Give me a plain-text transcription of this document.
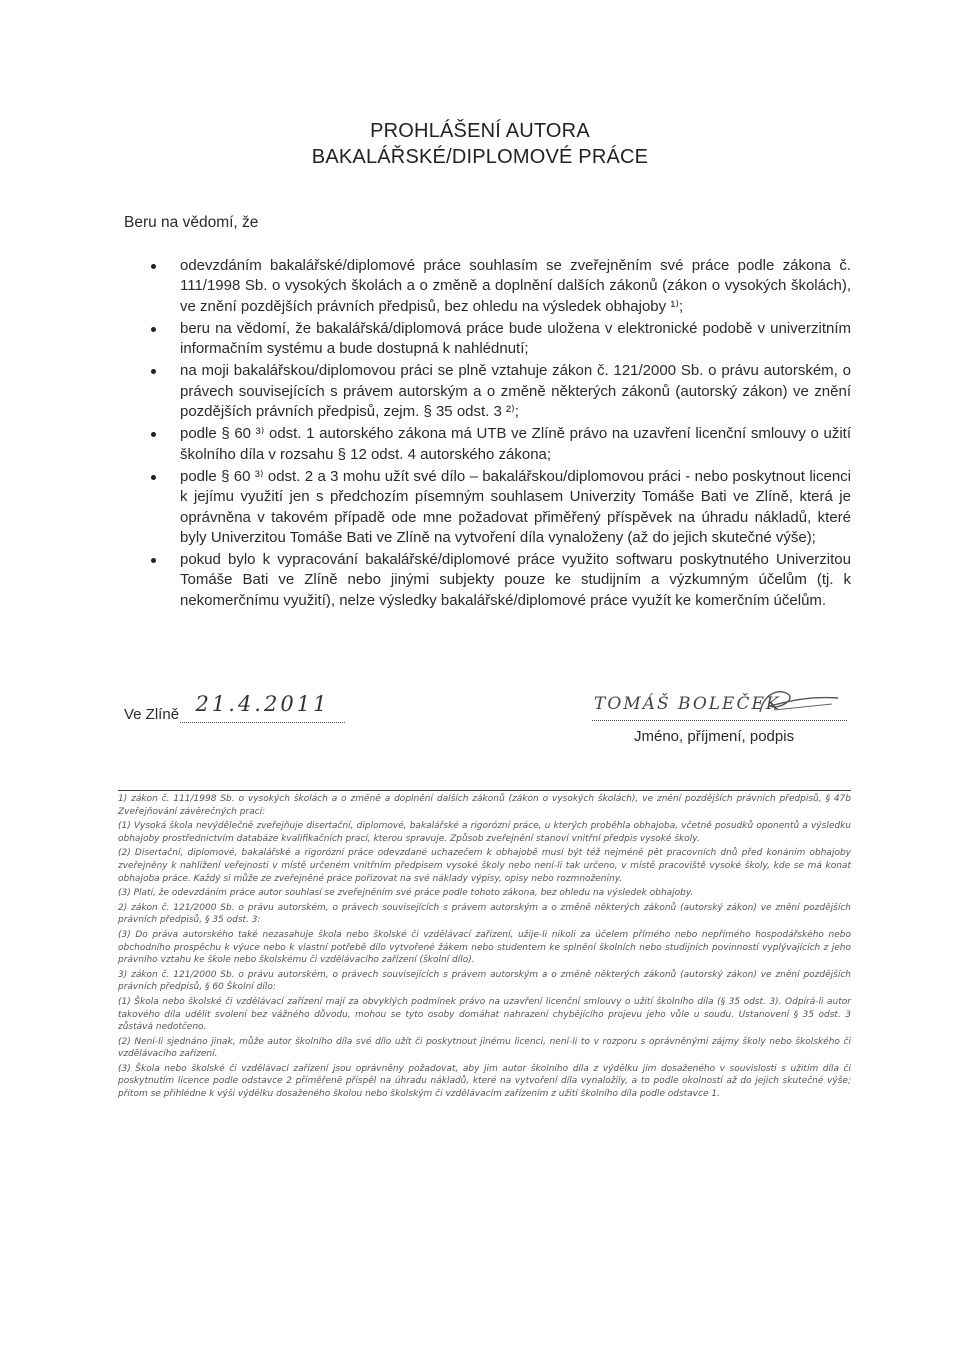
PROHLÁŠENÍ AUTORA
BAKALÁŘSKÉ/DIPLOMOVÉ PRÁCE
Beru na vědomí, že
odevzdáním bakalářské/diplomové práce souhlasím se zveřejněním své práce podle zákona č. 111/1998 Sb. o vysokých školách a o změně a doplnění dalších zákonů (zákon o vysokých školách), ve znění pozdějších právních předpisů, bez ohledu na výsledek obhajoby ¹⁾;
beru na vědomí, že bakalářská/diplomová práce bude uložena v elektronické podobě v univerzitním informačním systému a bude dostupná k nahlédnutí;
na moji bakalářskou/diplomovou práci se plně vztahuje zákon č. 121/2000 Sb. o právu autorském, o právech souvisejících s právem autorským a o změně některých zákonů (autorský zákon) ve znění pozdějších právních předpisů, zejm. § 35 odst. 3 ²⁾;
podle § 60 ³⁾ odst. 1 autorského zákona má UTB ve Zlíně právo na uzavření licenční smlouvy o užití školního díla v rozsahu § 12 odst. 4 autorského zákona;
podle § 60 ³⁾ odst. 2 a 3 mohu užít své dílo – bakalářskou/diplomovou práci - nebo poskytnout licenci k jejímu využití jen s předchozím písemným souhlasem Univerzity Tomáše Bati ve Zlíně, která je oprávněna v takovém případě ode mne požadovat přiměřený příspěvek na úhradu nákladů, které byly Univerzitou Tomáše Bati ve Zlíně na vytvoření díla vynaloženy (až do jejich skutečné výše);
pokud bylo k vypracování bakalářské/diplomové práce využito softwaru poskytnutého Univerzitou Tomáše Bati ve Zlíně nebo jinými subjekty pouze ke studijním a výzkumným účelům (tj. k nekomerčnímu využití), nelze výsledky bakalářské/diplomové práce využít ke komerčním účelům.
Ve Zlíně 21.4.2011	TOMÁŠ BOLEČEK
Jméno, příjmení, podpis

1) zákon č. 111/1998 Sb. o vysokých školách a o změně a doplnění dalších zákonů (zákon o vysokých školách), ve znění pozdějších právních předpisů, § 47b Zveřejňování závěrečných prací:

(1) Vysoká škola nevýdělečně zveřejňuje disertační, diplomové, bakalářské a rigorózní práce, u kterých proběhla obhajoba, včetně posudků oponentů a výsledku obhajoby prostřednictvím databáze kvalifikačních prací, kterou spravuje. Způsob zveřejnění stanoví vnitřní předpis vysoké školy.

(2) Disertační, diplomové, bakalářské a rigorózní práce odevzdané uchazečem k obhajobě musí být též nejméně pět pracovních dnů před konáním obhajoby zveřejněny k nahlížení veřejnosti v místě určeném vnitřním předpisem vysoké školy nebo není-li tak určeno, v místě pracoviště vysoké školy, kde se má konat obhajoba práce. Každý si může ze zveřejněné práce pořizovat na své náklady výpisy, opisy nebo rozmnoženiny.

(3) Platí, že odevzdáním práce autor souhlasí se zveřejněním své práce podle tohoto zákona, bez ohledu na výsledek obhajoby.

2) zákon č. 121/2000 Sb. o právu autorském, o právech souvisejících s právem autorským a o změně některých zákonů (autorský zákon) ve znění pozdějších právních předpisů, § 35 odst. 3:

(3) Do práva autorského také nezasahuje škola nebo školské či vzdělávací zařízení, užije-li nikoli za účelem přímého nebo nepřímého hospodářského nebo obchodního prospěchu k výuce nebo k vlastní potřebě dílo vytvořené žákem nebo studentem ke splnění školních nebo studijních povinností vyplývajících z jeho právního vztahu ke škole nebo školskému či vzdělávacího zařízení (školní dílo).

3) zákon č. 121/2000 Sb. o právu autorském, o právech souvisejících s právem autorským a o změně některých zákonů (autorský zákon) ve znění pozdějších právních předpisů, § 60 Školní dílo:

(1) Škola nebo školské či vzdělávací zařízení mají za obvyklých podmínek právo na uzavření licenční smlouvy o užití školního díla (§ 35 odst. 3). Odpírá-li autor takového díla udělit svolení bez vážného důvodu, mohou se tyto osoby domáhat nahrazení chybějícího projevu jeho vůle u soudu. Ustanovení § 35 odst. 3 zůstává nedotčeno.

(2) Není-li sjednáno jinak, může autor školního díla své dílo užít či poskytnout jinému licenci, není-li to v rozporu s oprávněnými zájmy školy nebo školského či vzdělávacího zařízení.

(3) Škola nebo školské či vzdělávací zařízení jsou oprávněny požadovat, aby jim autor školního díla z výdělku jím dosaženého v souvislosti s užitím díla či poskytnutím licence podle odstavce 2 přiměřeně přispěl na úhradu nákladů, které na vytvoření díla vynaložily, a to podle okolností až do jejich skutečné výše; přitom se přihlédne k výši výdělku dosaženého školou nebo školským či vzdělávacím zařízením z užití školního díla podle odstavce 1.
